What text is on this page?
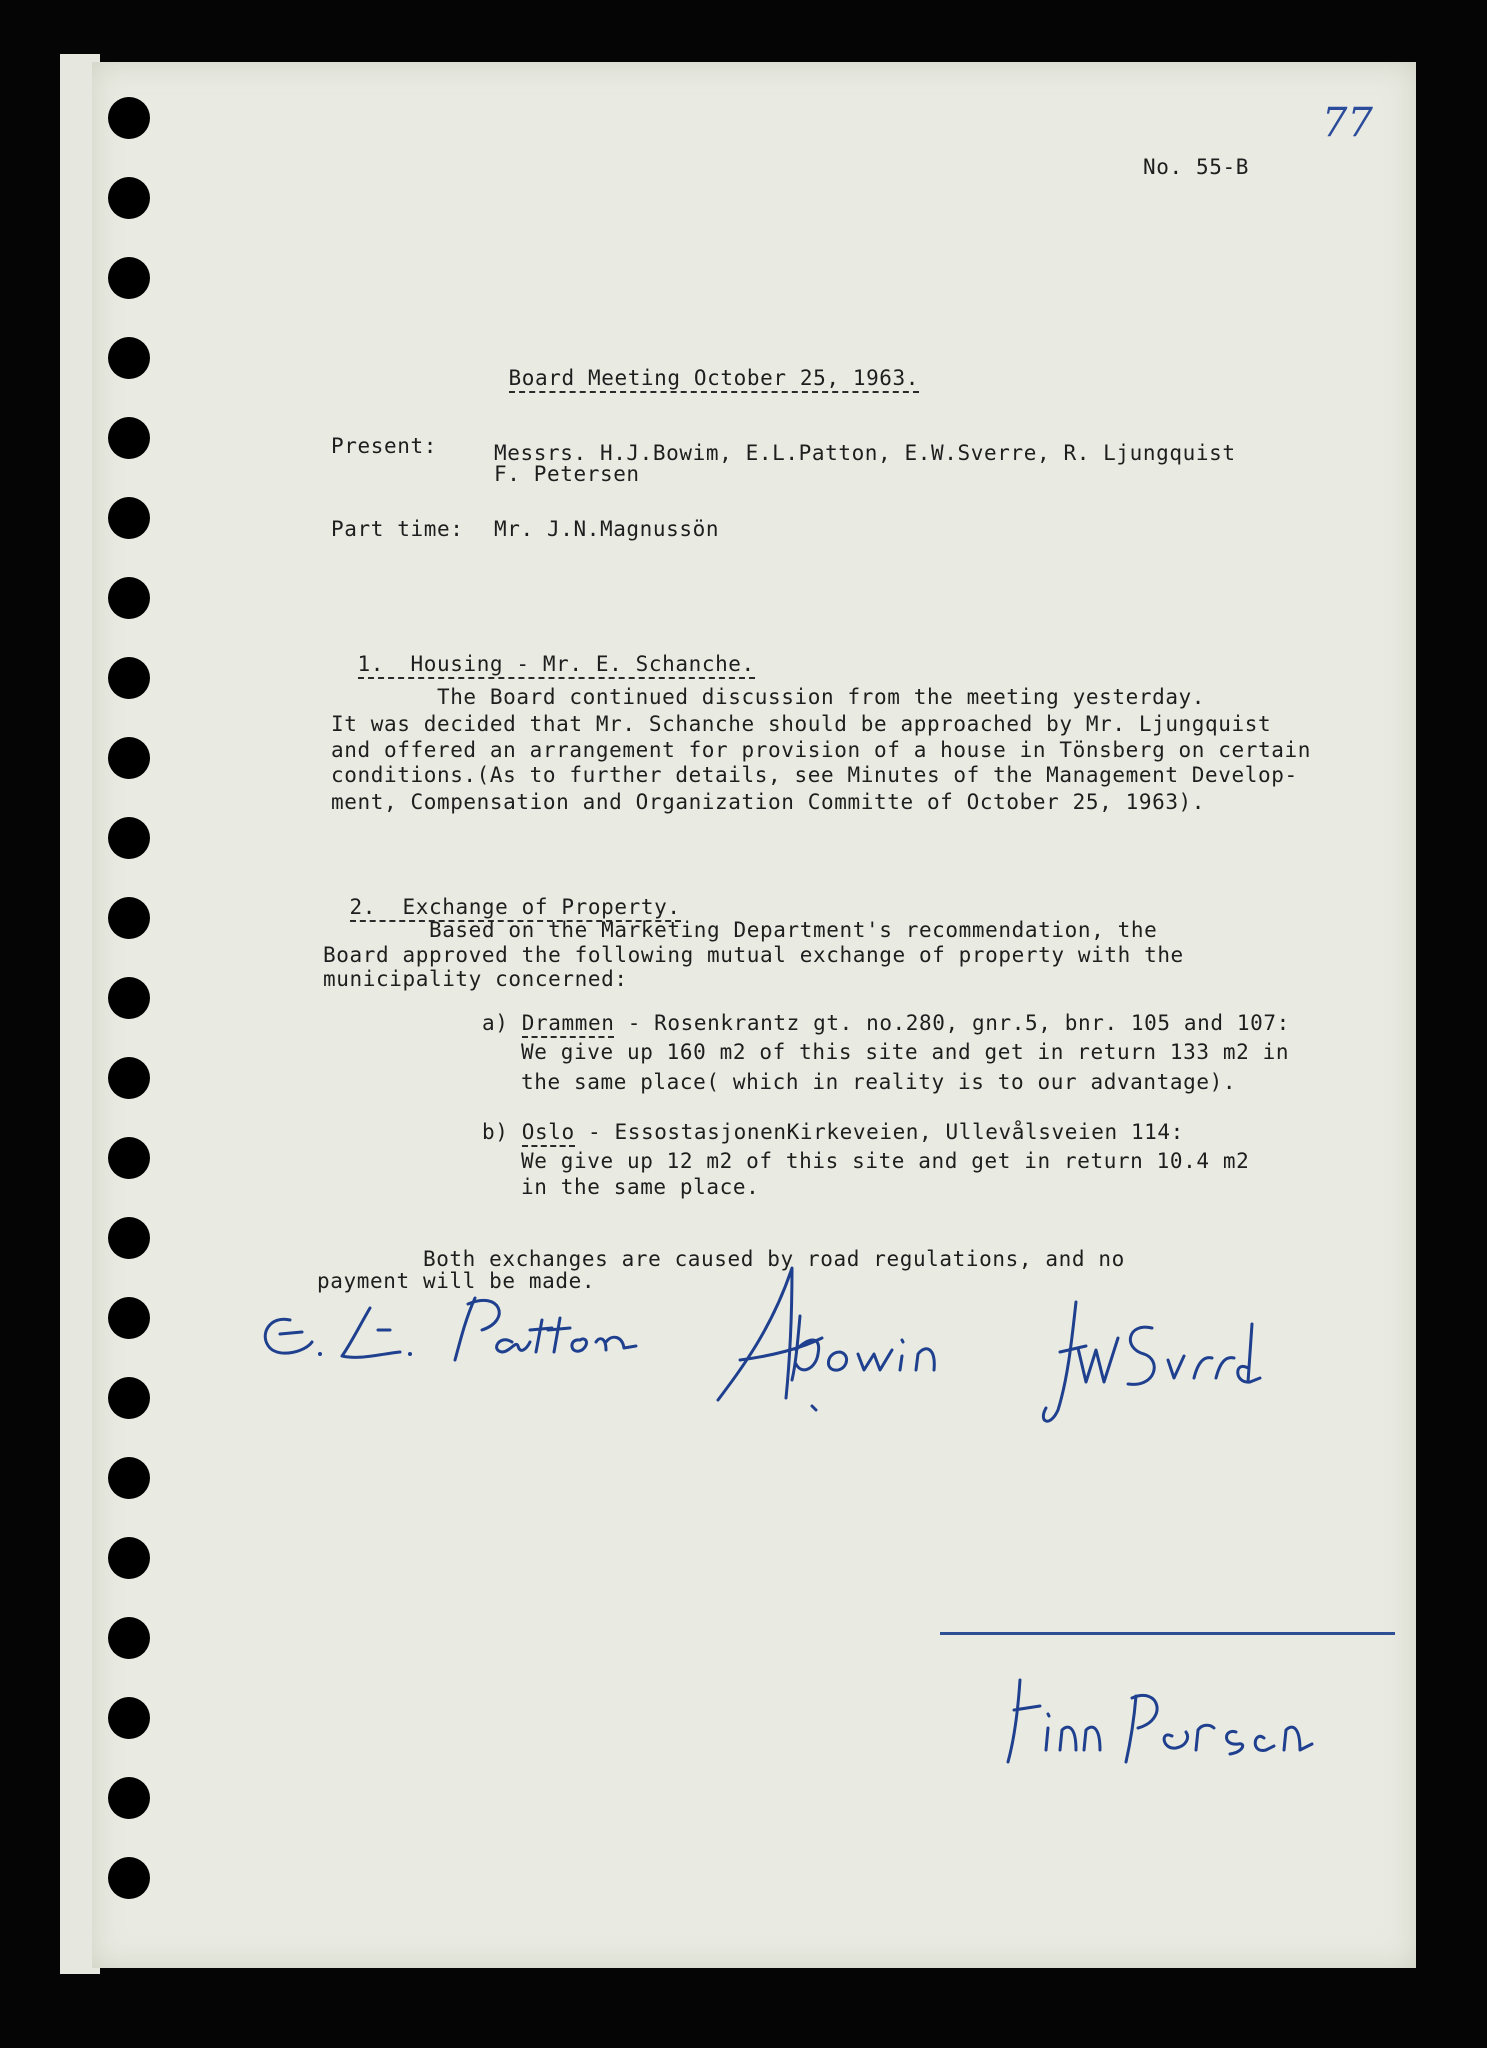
77
No. 55-B

Board Meeting October 25, 1963.

Present:	Messrs. H.J.Bowim, E.L.Patton, E.W.Sverre, R. Ljungquist
F. Petersen
Part time: Mr. J.N.Magnussön

1.  Housing - Mr. E. Schanche.

The Board continued discussion from the meeting yesterday.
It was decided that Mr. Schanche should be approached by Mr. Ljungquist
and offered an arrangement for provision of a house in Tönsberg on certain
conditions.(As to further details, see Minutes of the Management Develop-
ment, Compensation and Organization Committe of October 25, 1963).

2.  Exchange of Property.

Based on the Marketing Department's recommendation, the
Board approved the following mutual exchange of property with the
municipality concerned:
a) Drammen - Rosenkrantz gt. no.280, gnr.5, bnr. 105 and 107:
We give up 160 m2 of this site and get in return 133 m2 in
the same place( which in reality is to our advantage).
b) Oslo - EssostasjonenKirkeveien, Ullevålsveien 114:
We give up 12 m2 of this site and get in return 10.4 m2
in the same place.
Both exchanges are caused by road regulations, and no
payment will be made.
